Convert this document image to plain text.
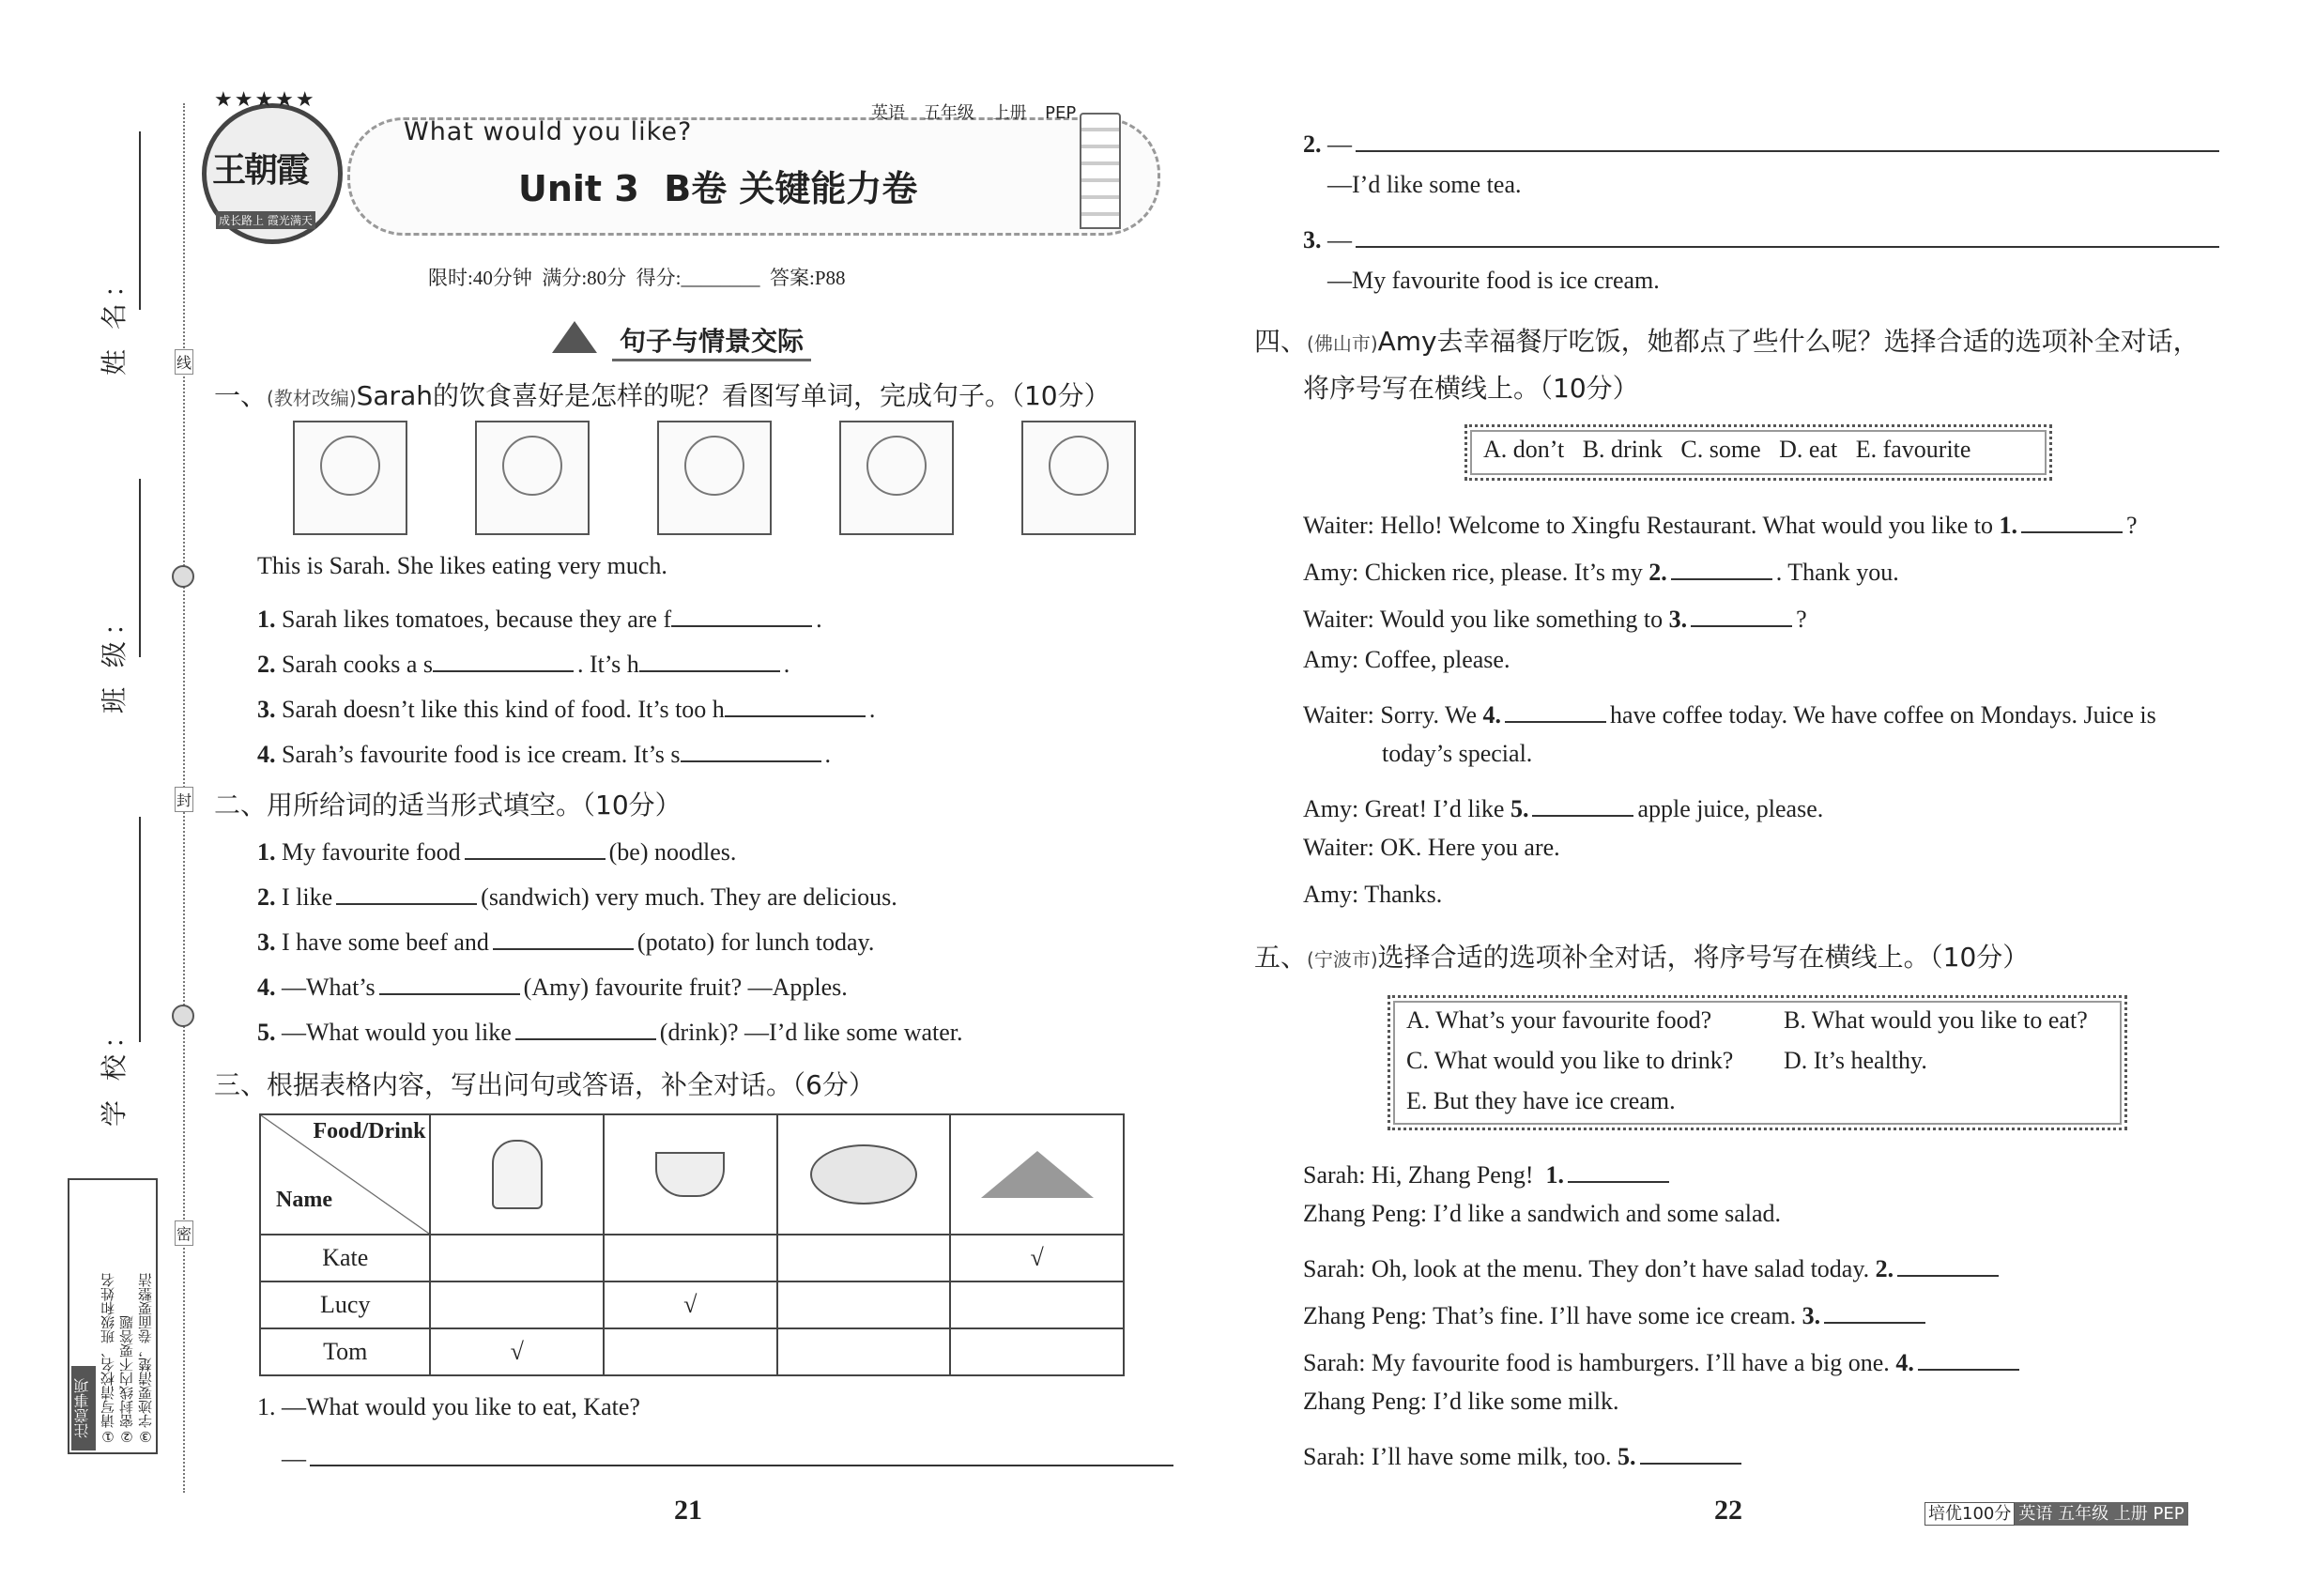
姓 名：
班 级：
学 校：
线
封
密
注意事项 ①请写清校名、班级和姓名 ②密封线内不要答题 ③字迹要清楚，卷面要整洁
★★★★★
王朝霞
成长路上 霞光满天
What would you like?
英语 五年级 上册 PEP
Unit 3  B卷 关键能力卷
限时:40分钟  满分:80分  得分:________  答案:P88
句子与情景交际
一、(教材改编)Sarah的饮食喜好是怎样的呢？看图写单词，完成句子。（10分）
This is Sarah. She likes eating very much.
1. Sarah likes tomatoes, because they are f	.
2. Sarah cooks a s	. It’s h	.
3. Sarah doesn’t like this kind of food. It’s too h	.
4. Sarah’s favourite food is ice cream. It’s s	.
二、用所给词的适当形式填空。（10分）
1. My favourite food	(be) noodles.
2. I like	(sandwich) very much. They are delicious.
3. I have some beef and	(potato) for lunch today.
4. —What’s	(Amy) favourite fruit? —Apples.
5. —What would you like	(drink)? —I’d like some water.
三、根据表格内容，写出问句或答语，补全对话。（6分）
Food/Drink
Name				

Kate				√
Lucy		√		
Tom	√			
1. —What would you like to eat, Kate?
—
2. —
—I’d like some tea.
3. —
—My favourite food is ice cream.
四、(佛山市)Amy去幸福餐厅吃饭，她都点了些什么呢？选择合适的选项补全对话，
将序号写在横线上。（10分）
A. don’t   B. drink   C. some   D. eat   E. favourite
Waiter: Hello! Welcome to Xingfu Restaurant. What would you like to 1.	?
Amy: Chicken rice, please. It’s my 2.	. Thank you.
Waiter: Would you like something to 3.	?
Amy: Coffee, please.
Waiter: Sorry. We 4.	have coffee today. We have coffee on Mondays. Juice is
today’s special.
Amy: Great! I’d like 5.	apple juice, please.
Waiter: OK. Here you are.
Amy: Thanks.
五、(宁波市)选择合适的选项补全对话，将序号写在横线上。（10分）
A. What’s your favourite food?	B. What would you like to eat?
C. What would you like to drink? D. It’s healthy.
E. But they have ice cream.
Sarah: Hi, Zhang Peng!  1.
Zhang Peng: I’d like a sandwich and some salad.
Sarah: Oh, look at the menu. They don’t have salad today. 2.
Zhang Peng: That’s fine. I’ll have some ice cream. 3.
Sarah: My favourite food is hamburgers. I’ll have a big one. 4.
Zhang Peng: I’d like some milk.
Sarah: I’ll have some milk, too. 5.
21	22	培优100分 英语 五年级 上册 PEP
